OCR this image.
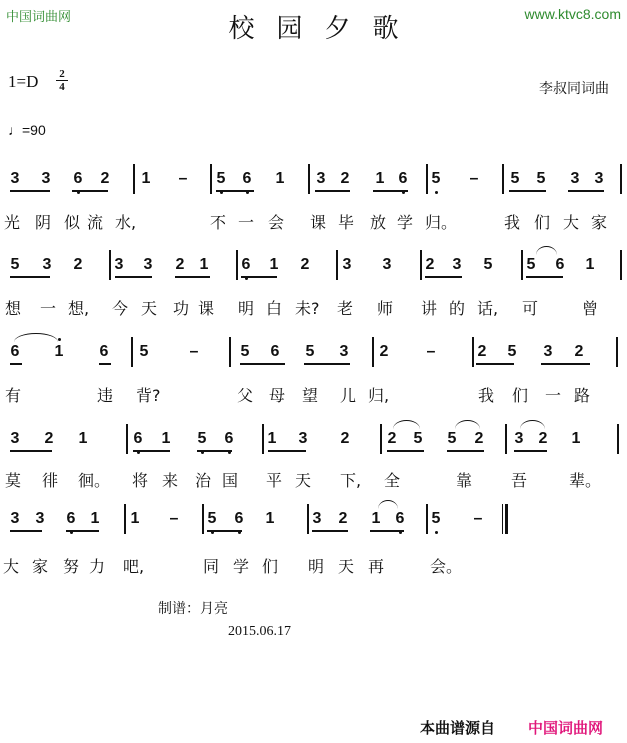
中国词曲网	www.ktvc8.com
校园夕歌
1=D 2
4
♩=90
李叔同词曲
3 3 6 2 1 – 5 6 1 3 2 1 6 5 – 5 5 3 3
光 阴 似 流 水,	不 一 会 课 毕 放 学 归。	我 们 大 家
5 3 2 3 3 2 1 6 1 2 3 3 2 3 5 5 6 1
想 一 想,	今 天 功 课 明 白 未?	老 师 讲 的 话,	可	曾
6 1 6 5	–	5 6 5 3 2 –	2 5 3 2
有	违 背?	父 母 望 儿 归,	我 们 一 路
3 2 1	6 1 5 6 1 3 2 2 5 5 2 3 2 1
莫 徘 徊。 将 来 治 国 平 天 下,	全	靠 吾	辈。
3 3 6 1 1 – 5 6 1 3 2 1 6 5 –
大 家 努 力 吧,	同 学 们 明 天 再	会。
制谱：月亮
2015.06.17
本曲谱源自 中国词曲网
